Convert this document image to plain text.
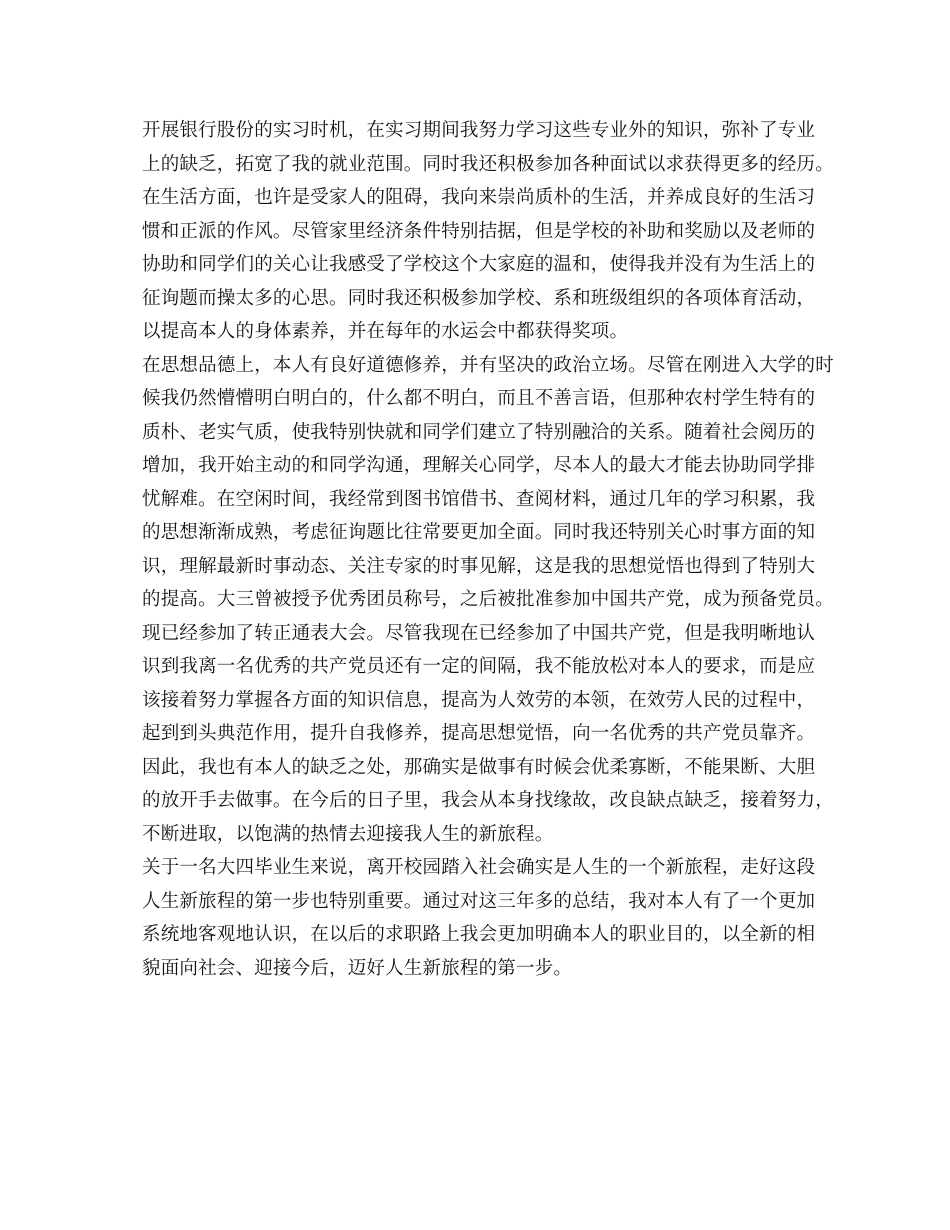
开展银行股份的实习时机，在实习期间我努力学习这些专业外的知识，弥补了专业
上的缺乏，拓宽了我的就业范围。同时我还积极参加各种面试以求获得更多的经历。
在生活方面，也许是受家人的阻碍，我向来崇尚质朴的生活，并养成良好的生活习
惯和正派的作风。尽管家里经济条件特别拮据，但是学校的补助和奖励以及老师的
协助和同学们的关心让我感受了学校这个大家庭的温和，使得我并没有为生活上的
征询题而操太多的心思。同时我还积极参加学校、系和班级组织的各项体育活动，
以提高本人的身体素养，并在每年的水运会中都获得奖项。
在思想品德上，本人有良好道德修养，并有坚决的政治立场。尽管在刚进入大学的时
候我仍然懵懵明白明白的，什么都不明白，而且不善言语，但那种农村学生特有的
质朴、老实气质，使我特别快就和同学们建立了特别融洽的关系。随着社会阅历的
增加，我开始主动的和同学沟通，理解关心同学，尽本人的最大才能去协助同学排
忧解难。在空闲时间，我经常到图书馆借书、查阅材料，通过几年的学习积累，我
的思想渐渐成熟，考虑征询题比往常要更加全面。同时我还特别关心时事方面的知
识，理解最新时事动态、关注专家的时事见解，这是我的思想觉悟也得到了特别大
的提高。大三曾被授予优秀团员称号，之后被批准参加中国共产党，成为预备党员。
现已经参加了转正通表大会。尽管我现在已经参加了中国共产党，但是我明晰地认
识到我离一名优秀的共产党员还有一定的间隔，我不能放松对本人的要求，而是应
该接着努力掌握各方面的知识信息，提高为人效劳的本领，在效劳人民的过程中，
起到到头典范作用，提升自我修养，提高思想觉悟，向一名优秀的共产党员靠齐。
因此，我也有本人的缺乏之处，那确实是做事有时候会优柔寡断，不能果断、大胆
的放开手去做事。在今后的日子里，我会从本身找缘故，改良缺点缺乏，接着努力，
不断进取，以饱满的热情去迎接我人生的新旅程。
关于一名大四毕业生来说，离开校园踏入社会确实是人生的一个新旅程，走好这段
人生新旅程的第一步也特别重要。通过对这三年多的总结，我对本人有了一个更加
系统地客观地认识，在以后的求职路上我会更加明确本人的职业目的，以全新的相
貌面向社会、迎接今后，迈好人生新旅程的第一步。
